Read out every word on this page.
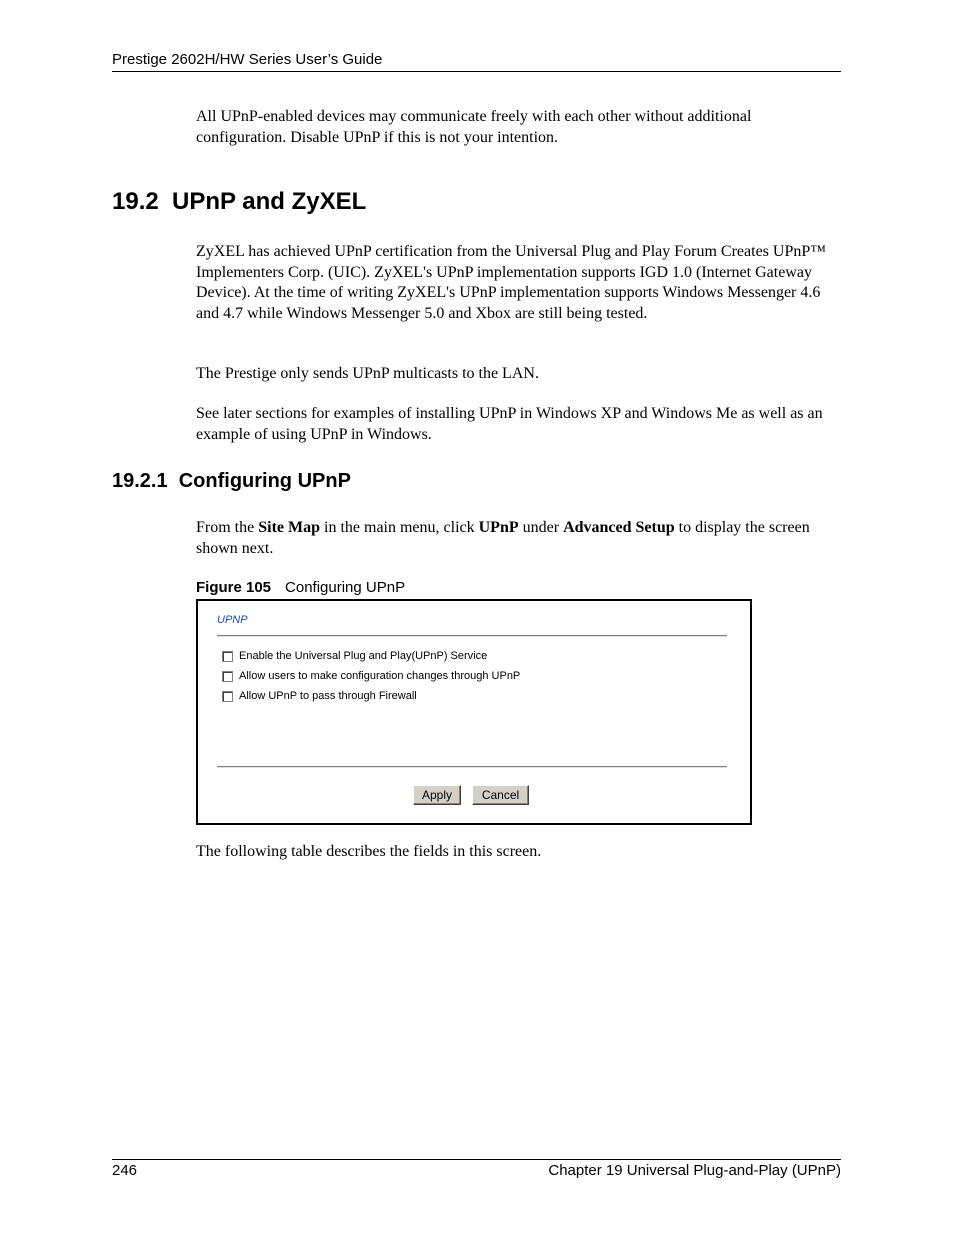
Prestige 2602H/HW Series User’s Guide

All UPnP-enabled devices may communicate freely with each other without additional configuration. Disable UPnP if this is not your intention.

19.2  UPnP and ZyXEL

ZyXEL has achieved UPnP certification from the Universal Plug and Play Forum Creates UPnP™ Implementers Corp. (UIC). ZyXEL's UPnP implementation supports IGD 1.0 (Internet Gateway Device). At the time of writing ZyXEL's UPnP implementation supports Windows Messenger 4.6 and 4.7 while Windows Messenger 5.0 and Xbox are still being tested.

The Prestige only sends UPnP multicasts to the LAN.

See later sections for examples of installing UPnP in Windows XP and Windows Me as well as an example of using UPnP in Windows.

19.2.1  Configuring UPnP

From the Site Map in the main menu, click UPnP under Advanced Setup to display the screen shown next.

Figure 105 Configuring UPnP
UPNP
Enable the Universal Plug and Play(UPnP) Service
Allow users to make configuration changes through UPnP
Allow UPnP to pass through Firewall
Apply	Cancel

The following table describes the fields in this screen.

246	Chapter 19 Universal Plug-and-Play (UPnP)
